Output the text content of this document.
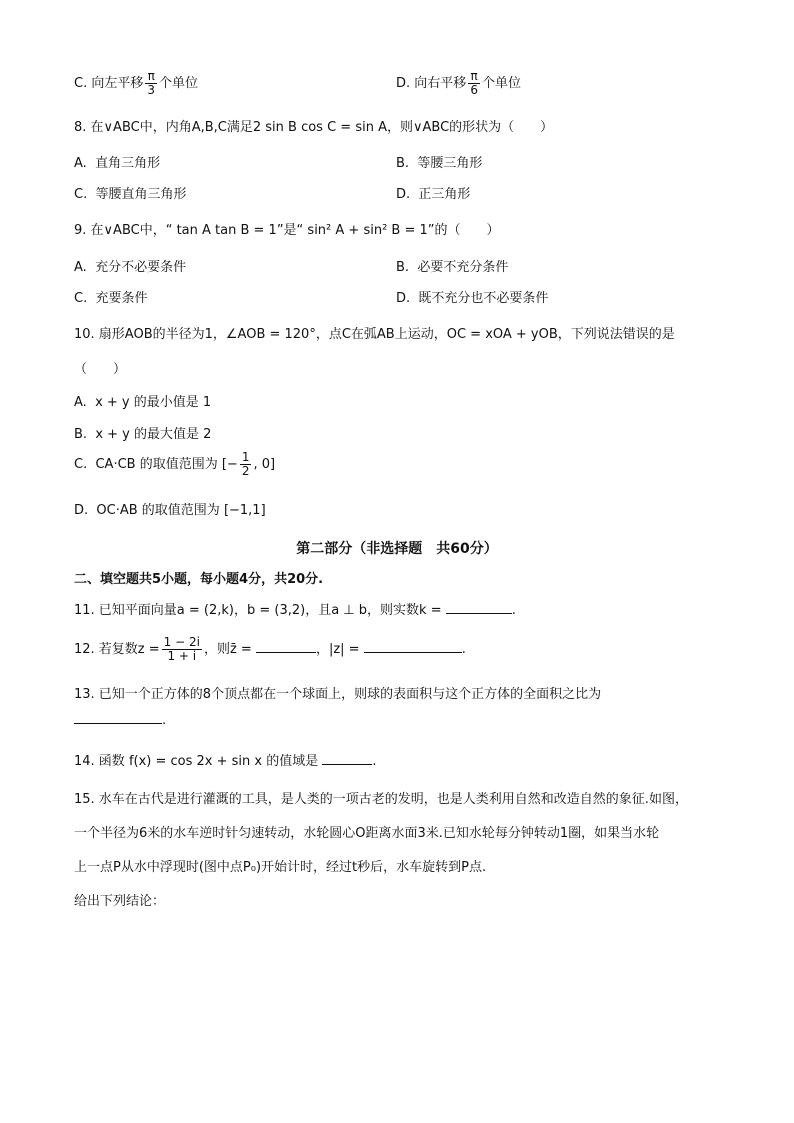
C. 向左平移 $\frac{\pi}{3}$ 个单位	D. 向右平移 $\frac{\pi}{6}$ 个单位
8. 在∨ABC中，内角A,B,C满足2 sin B cos C = sin A，则∨ABC的形状为（　　）
A. 直角三角形	B. 等腰三角形
C. 等腰直角三角形	D. 正三角形
9. 在∨ABC中，“ tan A tan B = 1”是“ sin² A + sin² B = 1”的（　　）
A. 充分不必要条件	B. 必要不充分条件
C. 充要条件	D. 既不充分也不必要条件
10. 扇形AOB的半径为1，∠AOB = 120°，点C在弧AB上运动，OC = xOA + yOB，下列说法错误的是
（　　）
A. x + y 的最小值是 1
B. x + y 的最大值是 2
C. CA·CB 的取值范围为 [− $\frac{1}{2}$ , 0]
D. OC·AB 的取值范围为 [−1,1]
第二部分（非选择题　共60分）
二、填空题共5小题，每小题4分，共20分.
11. 已知平面向量a = (2,k)，b = (3,2)，且a ⊥ b，则实数k =	.
12. 若复数$z = \frac{1 - 2i}{1 + i}$ ，则z̄ =	，|z| =	.
13. 已知一个正方体的8个顶点都在一个球面上，则球的表面积与这个正方体的全面积之比为
.
14. 函数 f(x) = cos 2x + sin x 的值域是	.
15. 水车在古代是进行灌溉的工具，是人类的一项古老的发明，也是人类利用自然和改造自然的象征.如图，
一个半径为6米的水车逆时针匀速转动，水轮圆心O距离水面3米.已知水轮每分钟转动1圈，如果当水轮
上一点P从水中浮现时(图中点P₀)开始计时，经过t秒后，水车旋转到P点.
给出下列结论：
